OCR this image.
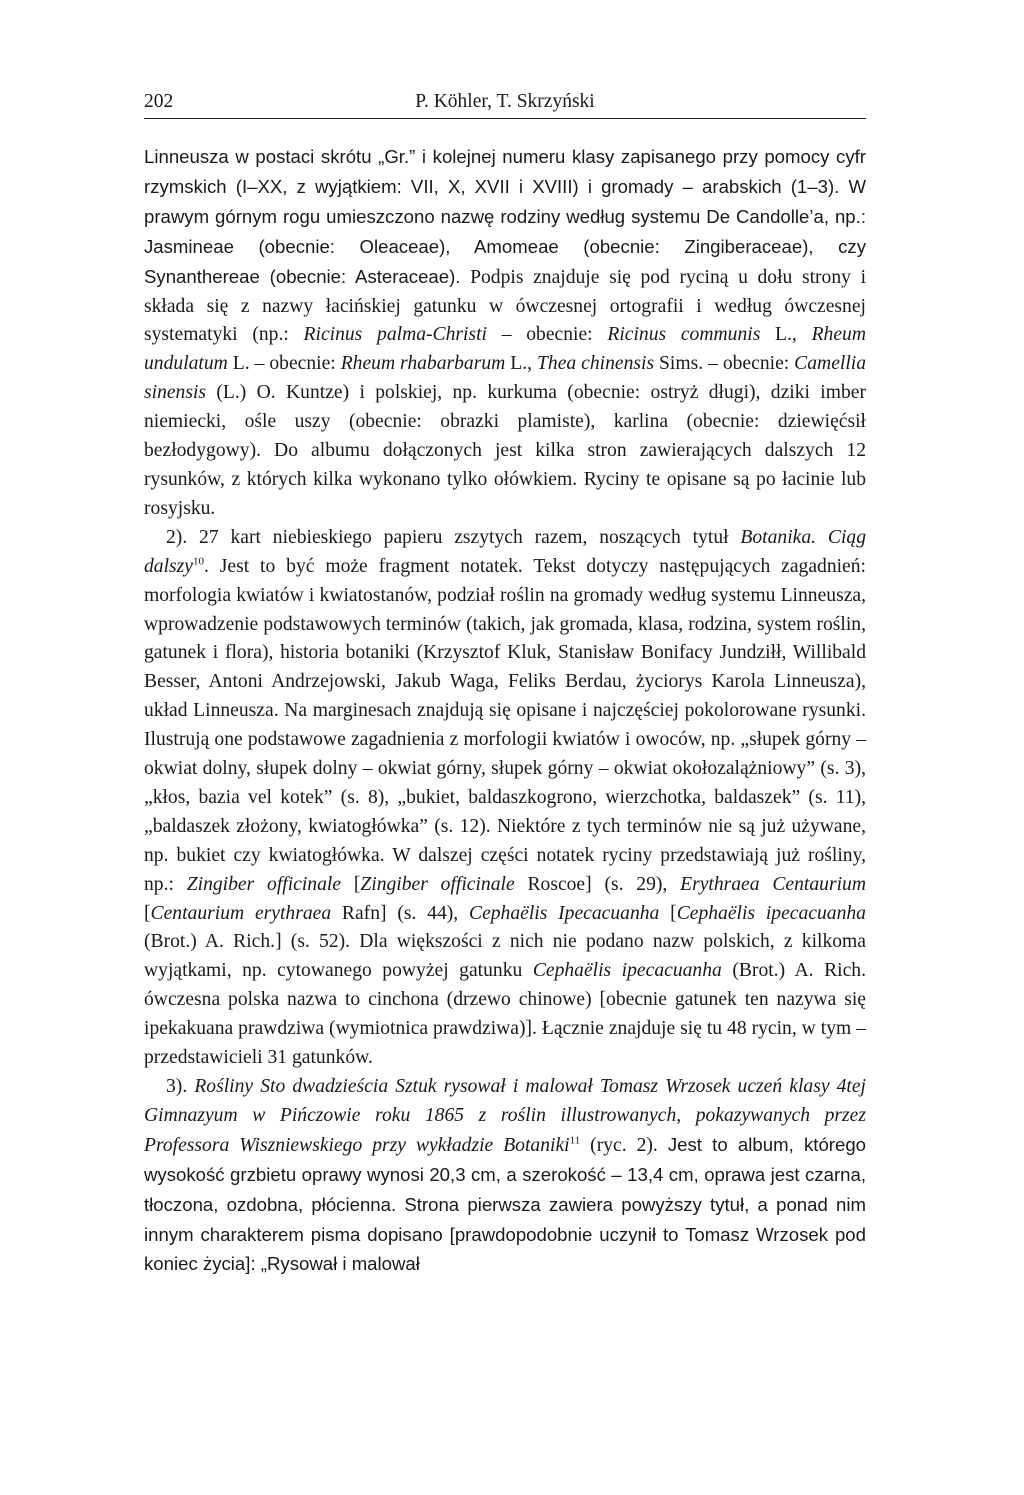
202	P. Köhler, T. Skrzyński

Linneusza w postaci skrótu „Gr.” i kolejnej numeru klasy zapisanego przy pomocy cyfr rzymskich (I–XX, z wyjątkiem: VII, X, XVII i XVIII) i gromady – arabskich (1–3). W prawym górnym rogu umieszczono nazwę rodziny według systemu De Candolle’a, np.: Jasmineae (obecnie: Oleaceae), Amomeae (obecnie: Zingiberaceae), czy Synanthereae (obecnie: Asteraceae). Podpis znajduje się pod ryciną u dołu strony i składa się z nazwy łacińskiej gatunku w ówczesnej ortografii i według ówczesnej systematyki (np.: Ricinus palma-Christi – obecnie: Ricinus communis L., Rheum undulatum L. – obecnie: Rheum rhabarbarum L., Thea chinensis Sims. – obecnie: Camellia sinensis (L.) O. Kuntze) i polskiej, np. kurkuma (obecnie: ostryż długi), dziki imber niemiecki, ośle uszy (obecnie: obrazki plamiste), karlina (obecnie: dziewięćsił bezłodygowy). Do albumu dołączonych jest kilka stron zawierających dalszych 12 rysunków, z których kilka wykonano tylko ołówkiem. Ryciny te opisane są po łacinie lub rosyjsku.

2). 27 kart niebieskiego papieru zszytych razem, noszących tytuł Botanika. Ciąg dalszy$^{10}$. Jest to być może fragment notatek. Tekst dotyczy następujących zagadnień: morfologia kwiatów i kwiatostanów, podział roślin na gromady według systemu Linneusza, wprowadzenie podstawowych terminów (takich, jak gromada, klasa, rodzina, system roślin, gatunek i flora), historia botaniki (Krzysztof Kluk, Stanisław Bonifacy Jundziłł, Willibald Besser, Antoni Andrzejowski, Jakub Waga, Feliks Berdau, życiorys Karola Linneusza), układ Linneusza. Na marginesach znajdują się opisane i najczęściej pokolorowane rysunki. Ilustrują one podstawowe zagadnienia z morfologii kwiatów i owoców, np. „słupek górny – okwiat dolny, słupek dolny – okwiat górny, słupek górny – okwiat okołozalążniowy” (s. 3), „kłos, bazia vel kotek” (s. 8), „bukiet, baldaszkogrono, wierzchotka, baldaszek” (s. 11), „baldaszek złożony, kwiatogłówka” (s. 12). Niektóre z tych terminów nie są już używane, np. bukiet czy kwiatogłówka. W dalszej części notatek ryciny przedstawiają już rośliny, np.: Zingiber officinale [Zingiber officinale Roscoe] (s. 29), Erythraea Centaurium [Centaurium erythraea Rafn] (s. 44), Cephaëlis Ipecacuanha [Cephaëlis ipecacuanha (Brot.) A. Rich.] (s. 52). Dla większości z nich nie podano nazw polskich, z kilkoma wyjątkami, np. cytowanego powyżej gatunku Cephaëlis ipecacuanha (Brot.) A. Rich. ówczesna polska nazwa to cinchona (drzewo chinowe) [obecnie gatunek ten nazywa się ipekakuana prawdziwa (wymiotnica prawdziwa)]. Łącznie znajduje się tu 48 rycin, w tym – przedstawicieli 31 gatunków.

3). Rośliny Sto dwadzieścia Sztuk rysował i malował Tomasz Wrzosek uczeń klasy 4tej Gimnazyum w Pińczowie roku 1865 z roślin illustrowanych, pokazywanych przez Professora Wiszniewskiego przy wykładzie Botaniki$^{11}$ (ryc. 2). Jest to album, którego wysokość grzbietu oprawy wynosi 20,3 cm, a szerokość – 13,4 cm, oprawa jest czarna, tłoczona, ozdobna, płócienna. Strona pierwsza zawiera powyższy tytuł, a ponad nim innym charakterem pisma dopisano [prawdopodobnie uczynił to Tomasz Wrzosek pod koniec życia]: „Rysował i malował
